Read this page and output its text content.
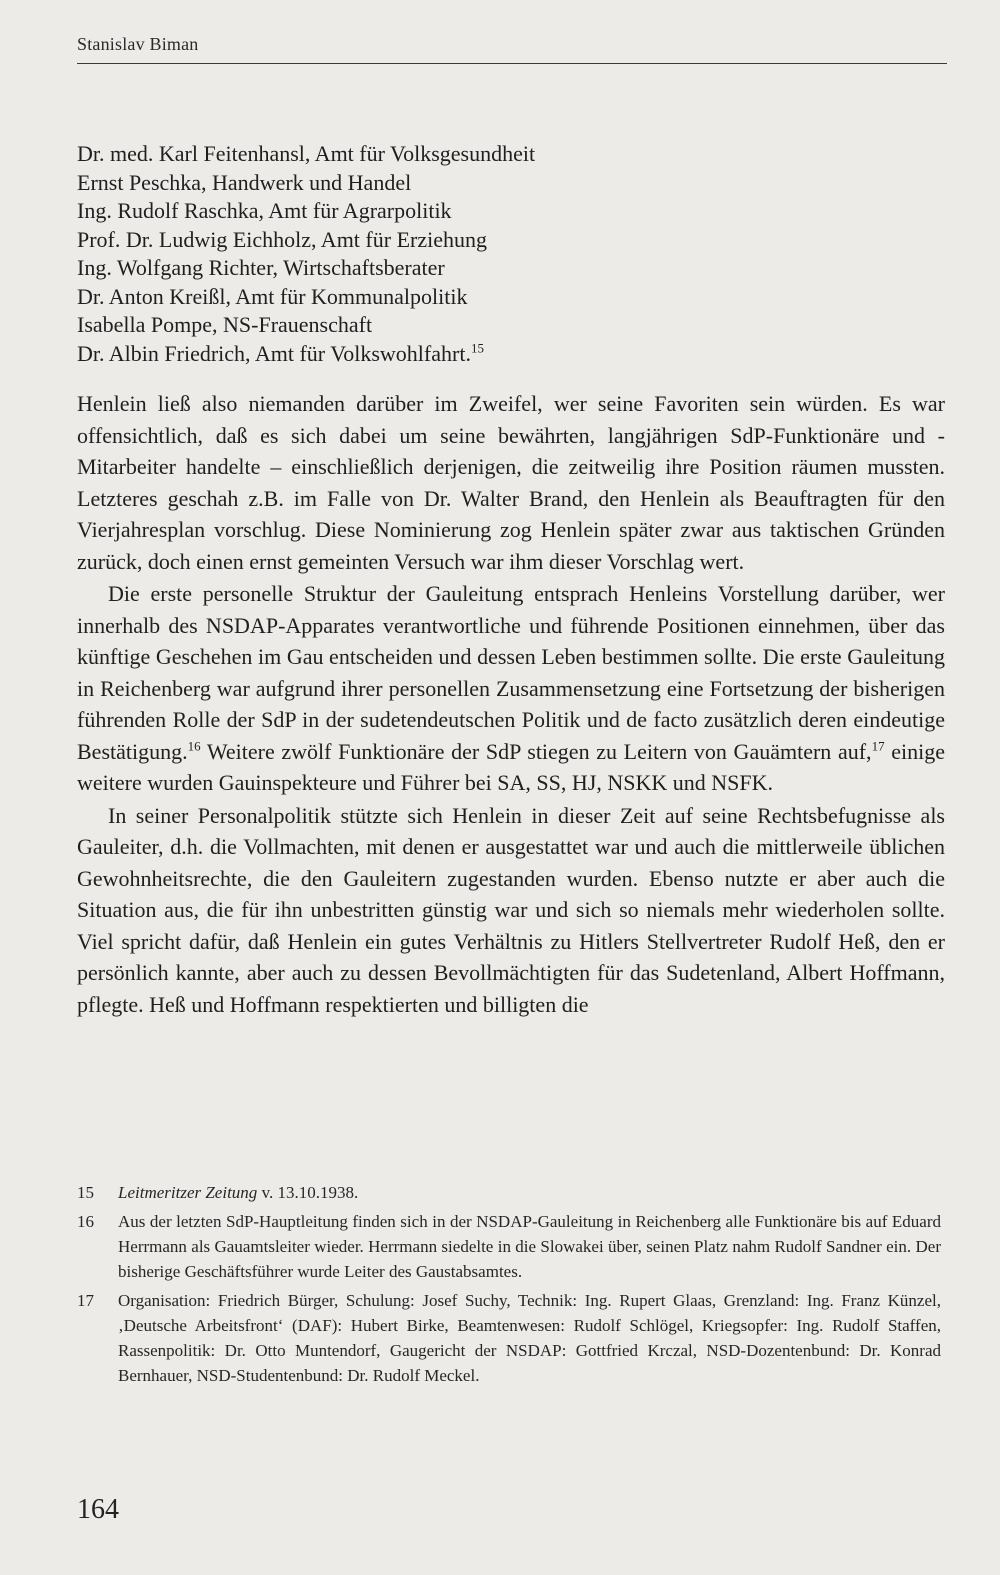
Stanislav Biman
Dr. med. Karl Feitenhansl, Amt für Volksgesundheit
Ernst Peschka, Handwerk und Handel
Ing. Rudolf Raschka, Amt für Agrarpolitik
Prof. Dr. Ludwig Eichholz, Amt für Erziehung
Ing. Wolfgang Richter, Wirtschaftsberater
Dr. Anton Kreißl, Amt für Kommunalpolitik
Isabella Pompe, NS-Frauenschaft
Dr. Albin Friedrich, Amt für Volkswohlfahrt.$^{15}$

Henlein ließ also niemanden darüber im Zweifel, wer seine Favoriten sein würden. Es war offensichtlich, daß es sich dabei um seine bewährten, langjährigen SdP-Funktionäre und -Mitarbeiter handelte – einschließlich derjenigen, die zeitweilig ihre Position räumen mussten. Letzteres geschah z.B. im Falle von Dr. Walter Brand, den Henlein als Beauftragten für den Vierjahresplan vorschlug. Diese Nominierung zog Henlein später zwar aus taktischen Gründen zurück, doch einen ernst gemeinten Versuch war ihm dieser Vorschlag wert.

Die erste personelle Struktur der Gauleitung entsprach Henleins Vorstellung darüber, wer innerhalb des NSDAP-Apparates verantwortliche und führende Positionen einnehmen, über das künftige Geschehen im Gau entscheiden und dessen Leben bestimmen sollte. Die erste Gauleitung in Reichenberg war aufgrund ihrer personellen Zusammensetzung eine Fortsetzung der bisherigen führenden Rolle der SdP in der sudetendeutschen Politik und de facto zusätzlich deren eindeutige Bestätigung.$^{16}$ Weitere zwölf Funktionäre der SdP stiegen zu Leitern von Gauämtern auf,$^{17}$ einige weitere wurden Gauinspekteure und Führer bei SA, SS, HJ, NSKK und NSFK.

In seiner Personalpolitik stützte sich Henlein in dieser Zeit auf seine Rechtsbefugnisse als Gauleiter, d.h. die Vollmachten, mit denen er ausgestattet war und auch die mittlerweile üblichen Gewohnheitsrechte, die den Gauleitern zugestanden wurden. Ebenso nutzte er aber auch die Situation aus, die für ihn unbestritten günstig war und sich so niemals mehr wiederholen sollte. Viel spricht dafür, daß Henlein ein gutes Verhältnis zu Hitlers Stellvertreter Rudolf Heß, den er persönlich kannte, aber auch zu dessen Bevollmächtigten für das Sudetenland, Albert Hoffmann, pflegte. Heß und Hoffmann respektierten und billigten die

15	Leitmeritzer Zeitung v. 13.10.1938.
16	Aus der letzten SdP-Hauptleitung finden sich in der NSDAP-Gauleitung in Reichenberg alle Funktionäre bis auf Eduard Herrmann als Gauamtsleiter wieder. Herrmann siedelte in die Slowakei über, seinen Platz nahm Rudolf Sandner ein. Der bisherige Geschäftsführer wurde Leiter des Gaustabsamtes.
17	Organisation: Friedrich Bürger, Schulung: Josef Suchy, Technik: Ing. Rupert Glaas, Grenzland: Ing. Franz Künzel, ‚Deutsche Arbeitsfront‘ (DAF): Hubert Birke, Beamtenwesen: Rudolf Schlögel, Kriegsopfer: Ing. Rudolf Staffen, Rassenpolitik: Dr. Otto Muntendorf, Gaugericht der NSDAP: Gottfried Krczal, NSD-Dozentenbund: Dr. Konrad Bernhauer, NSD-Studentenbund: Dr. Rudolf Meckel.
164
